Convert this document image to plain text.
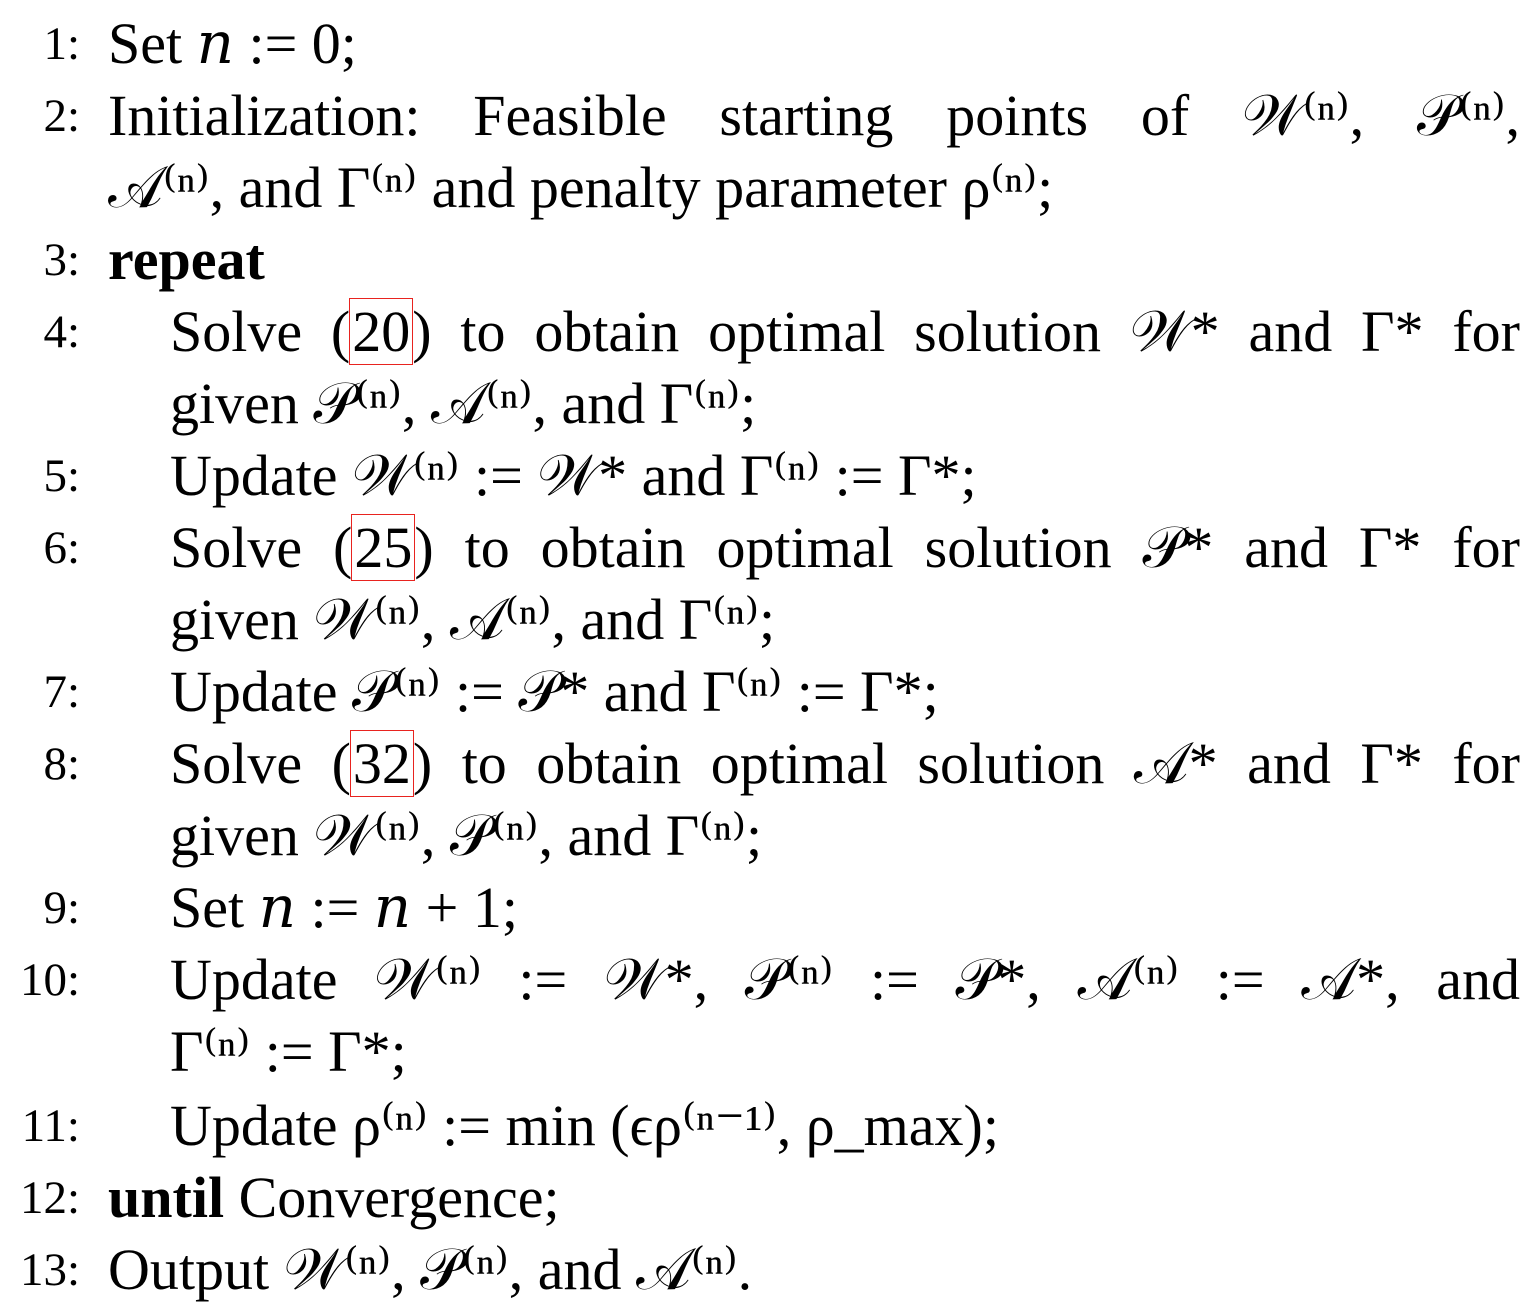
1: Set 𝑛 := 0;
2: Initialization: Feasible starting points of 𝒲⁽ⁿ⁾, 𝒫⁽ⁿ⁾,
𝒜⁽ⁿ⁾, and Γ⁽ⁿ⁾ and penalty parameter ρ⁽ⁿ⁾;
3: repeat
4: Solve (20) to obtain optimal solution 𝒲* and Γ* for
given 𝒫⁽ⁿ⁾, 𝒜⁽ⁿ⁾, and Γ⁽ⁿ⁾;
5: Update 𝒲⁽ⁿ⁾ := 𝒲* and Γ⁽ⁿ⁾ := Γ*;
6: Solve (25) to obtain optimal solution 𝒫* and Γ* for
given 𝒲⁽ⁿ⁾, 𝒜⁽ⁿ⁾, and Γ⁽ⁿ⁾;
7: Update 𝒫⁽ⁿ⁾ := 𝒫* and Γ⁽ⁿ⁾ := Γ*;
8: Solve (32) to obtain optimal solution 𝒜* and Γ* for
given 𝒲⁽ⁿ⁾, 𝒫⁽ⁿ⁾, and Γ⁽ⁿ⁾;
9: Set 𝑛 := 𝑛 + 1;
10: Update 𝒲⁽ⁿ⁾ := 𝒲*, 𝒫⁽ⁿ⁾ := 𝒫*, 𝒜⁽ⁿ⁾ := 𝒜*, and
Γ⁽ⁿ⁾ := Γ*;
11: Update ρ⁽ⁿ⁾ := min (ϵρ⁽ⁿ⁻¹⁾, ρ_max);
12: until Convergence;
13: Output 𝒲⁽ⁿ⁾, 𝒫⁽ⁿ⁾, and 𝒜⁽ⁿ⁾.
